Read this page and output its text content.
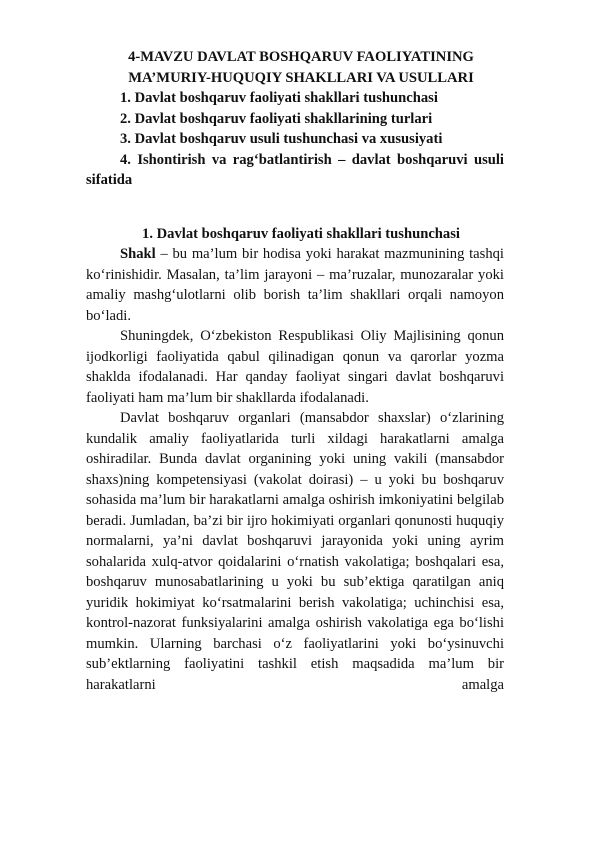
4-MAVZU DAVLAT BOSHQARUV FAOLIYATINING
MA’MURIY-HUQUQIY SHAKLLARI VA USULLARI
1. Davlat boshqaruv faoliyati shakllari tushunchasi
2. Davlat boshqaruv faoliyati shakllarining turlari
3. Davlat boshqaruv usuli tushunchasi va xususiyati
4. Ishontirish va rag‘batlantirish – davlat boshqaruvi usuli sifatida
1. Davlat boshqaruv faoliyati shakllari tushunchasi

Shakl – bu ma’lum bir hodisa yoki harakat mazmunining tashqi ko‘rinishidir. Masalan, ta’lim jarayoni – ma’ruzalar, munozaralar yoki amaliy mashg‘ulotlarni olib borish ta’lim shakllari orqali namoyon bo‘ladi.

Shuningdek, O‘zbekiston Respublikasi Oliy Majlisining qonun ijodkorligi faoliyatida qabul qilinadigan qonun va qarorlar yozma shaklda ifodalanadi. Har qanday faoliyat singari davlat boshqaruvi faoliyati ham ma’lum bir shakllarda ifodalanadi.

Davlat boshqaruv organlari (mansabdor shaxslar) o‘zlarining kundalik amaliy faoliyatlarida turli xildagi harakatlarni amalga oshiradilar. Bunda davlat organining yoki uning vakili (mansabdor shaxs)ning kompetensiyasi (vakolat doirasi) – u yoki bu boshqaruv sohasida ma’lum bir harakatlarni amalga oshirish imkoniyatini belgilab beradi. Jumladan, ba’zi bir ijro hokimiyati organlari qonunosti huquqiy normalarni, ya’ni davlat boshqaruvi jarayonida yoki uning ayrim sohalarida xulq-atvor qoidalarini o‘rnatish vakolatiga; boshqalari esa, boshqaruv munosabatlarining u yoki bu sub’ektiga qaratilgan aniq yuridik hokimiyat ko‘rsatmalarini berish vakolatiga; uchinchisi esa, kontrol-nazorat funksiyalarini amalga oshirish vakolatiga ega bo‘lishi mumkin. Ularning barchasi o‘z faoliyatlarini yoki bo‘ysinuvchi sub’ektlarning faoliyatini tashkil etish maqsadida ma’lum bir harakatlarni amalga
